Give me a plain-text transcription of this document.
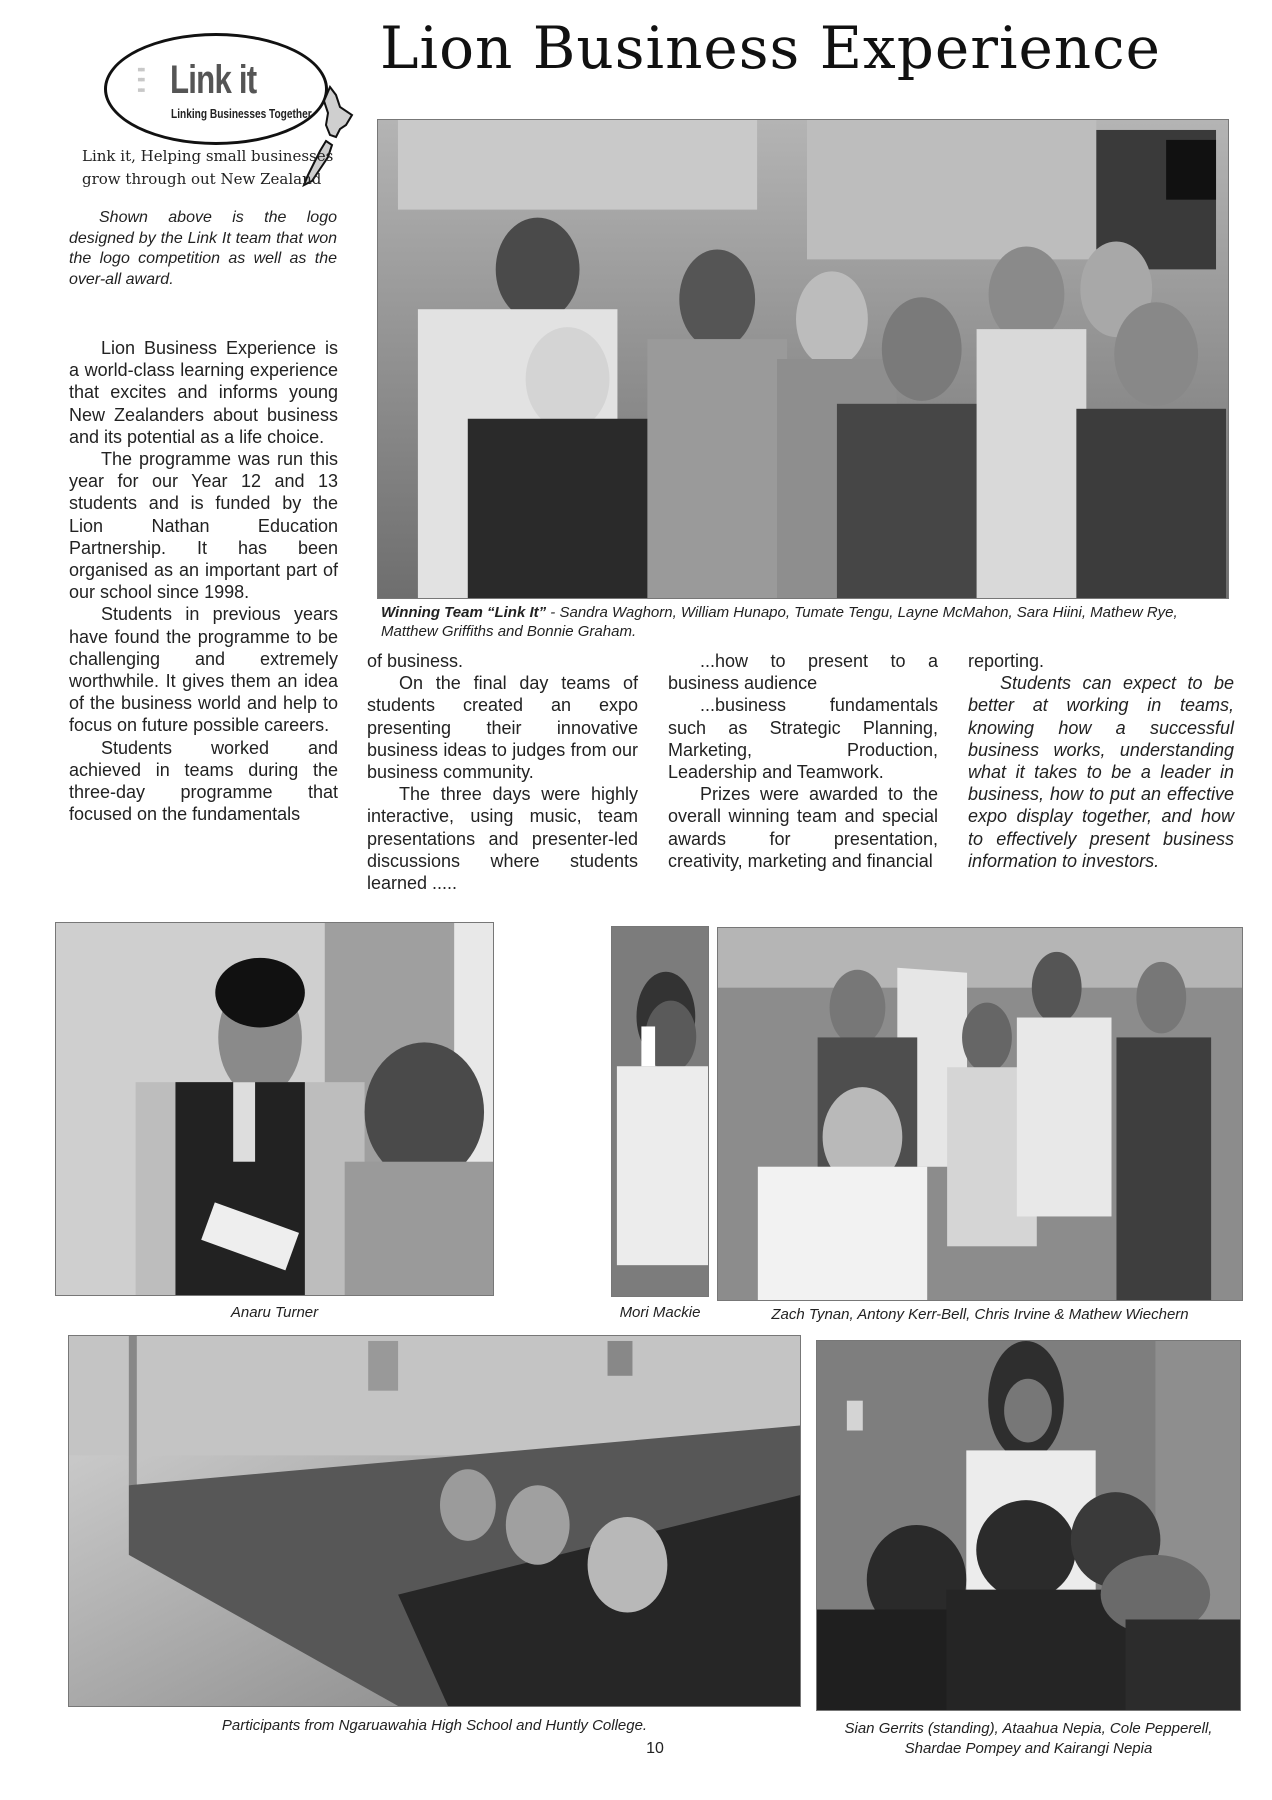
⫶⫶ Link it
Linking Businesses Together
Link it, Helping small businesses
grow through out New Zealand

Shown above is the logo designed by the Link It team that won the logo competition as well as the over-all award.

Lion Business Experience

Lion Business Experience is a world-class learning experience that excites and informs young New Zealanders about business and its potential as a life choice.

The programme was run this year for our Year 12 and 13 students and is funded by the Lion Nathan Education Partnership. It has been organised as an important part of our school since 1998.

Students in previous years have found the programme to be challenging and extremely worthwhile. It gives them an idea of the business world and help to focus on future possible careers.

Students worked and achieved in teams during the three-day programme that focused on the fundamentals

Winning Team “Link It” - Sandra Waghorn, William Hunapo, Tumate Tengu, Layne McMahon, Sara Hiini, Mathew Rye, Matthew Griffiths and Bonnie Graham.

of business.

On the final day teams of students created an expo presenting their innovative business ideas to judges from our business community.

The three days were highly interactive, using music, team presentations and presenter-led discussions where students learned .....

...how to present to a business audience

...business fundamentals such as Strategic Planning, Marketing, Production, Leadership and Teamwork.

Prizes were awarded to the overall winning team and special awards for presentation, creativity, marketing and financial

reporting.

Students can expect to be better at working in teams, knowing how a successful business works, understanding what it takes to be a leader in business, how to put an effective expo display together, and how to effectively present business information to investors.

Anaru Turner	Mori Mackie	Zach Tynan, Antony Kerr-Bell, Chris Irvine & Mathew Wiechern
Participants from Ngaruawahia High School and Huntly College.	Sian Gerrits (standing), Ataahua Nepia, Cole Pepperell, Shardae Pompey and Kairangi Nepia
10
